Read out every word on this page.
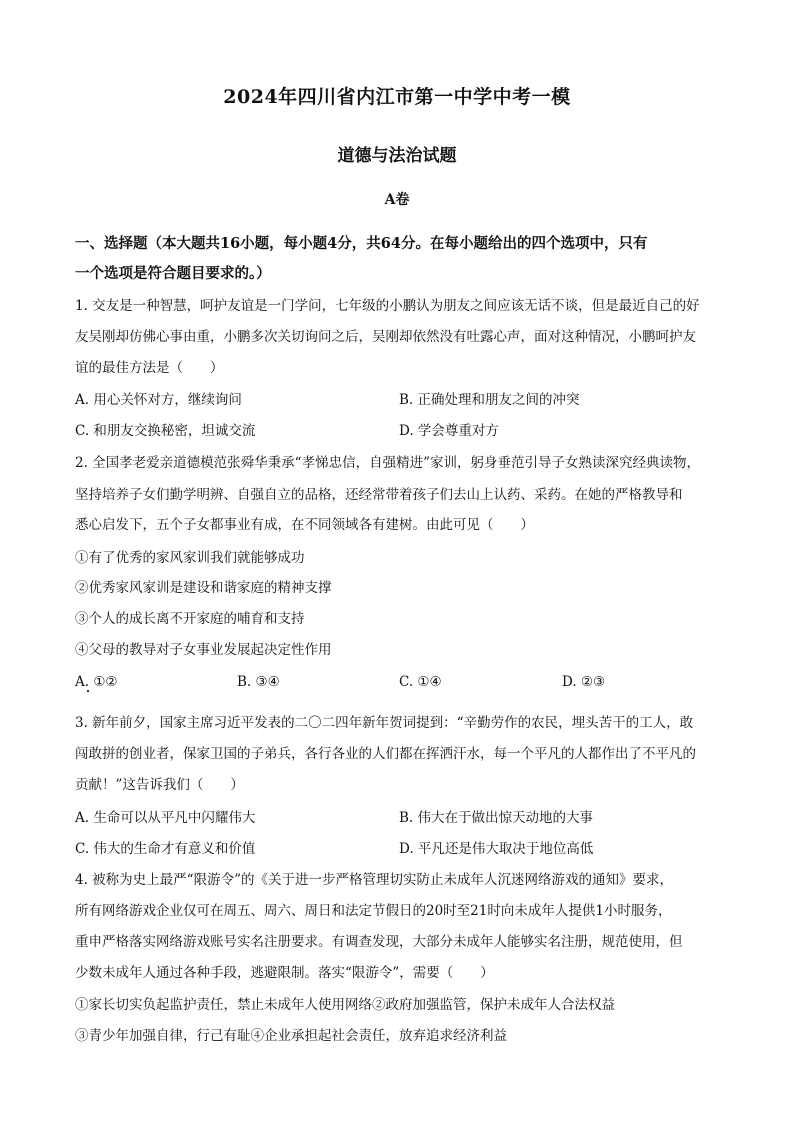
2024年四川省内江市第一中学中考一模
道德与法治试题
A卷
一、选择题（本大题共16小题，每小题4分，共64分。在每小题给出的四个选项中，只有
一个选项是符合题目要求的。）
1. 交友是一种智慧，呵护友谊是一门学问，七年级的小鹏认为朋友之间应该无话不谈，但是最近自己的好
友吴刚却仿佛心事由重，小鹏多次关切询问之后，吴刚却依然没有吐露心声，面对这种情况，小鹏呵护友
谊的最佳方法是（　　）
A. 用心关怀对方，继续询问	B. 正确处理和朋友之间的冲突
C. 和朋友交换秘密，坦诚交流	D. 学会尊重对方
2. 全国孝老爱亲道德模范张舜华秉承“孝悌忠信，自强精进”家训，躬身垂范引导子女熟读深究经典读物，
坚持培养子女们勤学明辨、自强自立的品格，还经常带着孩子们去山上认药、采药。在她的严格教导和
悉心启发下，五个子女都事业有成，在不同领域各有建树。由此可见（　　）
①有了优秀的家风家训我们就能够成功
②优秀家风家训是建设和谐家庭的精神支撑
③个人的成长离不开家庭的哺育和支持
④父母的教导对子女事业发展起决定性作用
A. ①②	B. ③④	C. ①④	D. ②③
3. 新年前夕，国家主席习近平发表的二〇二四年新年贺词提到：“辛勤劳作的农民，埋头苦干的工人，敢
闯敢拼的创业者，保家卫国的子弟兵，各行各业的人们都在挥洒汗水，每一个平凡的人都作出了不平凡的
贡献！”这告诉我们（　　）
A. 生命可以从平凡中闪耀伟大	B. 伟大在于做出惊天动地的大事
C. 伟大的生命才有意义和价值	D. 平凡还是伟大取决于地位高低
4. 被称为史上最严“限游令”的《关于进一步严格管理切实防止未成年人沉迷网络游戏的通知》要求，
所有网络游戏企业仅可在周五、周六、周日和法定节假日的20时至21时向未成年人提供1小时服务，
重申严格落实网络游戏账号实名注册要求。有调查发现，大部分未成年人能够实名注册，规范使用，但
少数未成年人通过各种手段，逃避限制。落实“限游令”，需要（　　）
①家长切实负起监护责任，禁止未成年人使用网络②政府加强监管，保护未成年人合法权益
③青少年加强自律，行己有耻④企业承担起社会责任，放弃追求经济利益
